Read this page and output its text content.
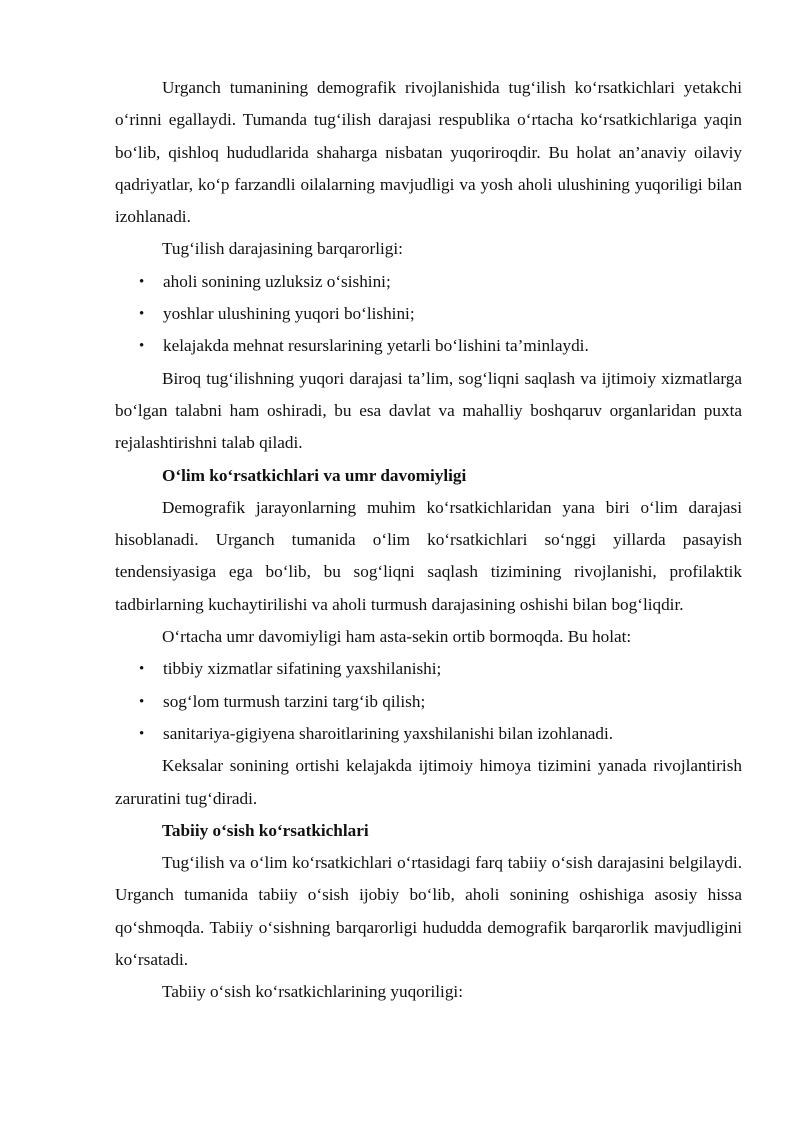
Urganch tumanining demografik rivojlanishida tug‘ilish ko‘rsatkichlari yetakchi o‘rinni egallaydi. Tumanda tug‘ilish darajasi respublika o‘rtacha ko‘rsatkichlariga yaqin bo‘lib, qishloq hududlarida shaharga nisbatan yuqoriroqdir. Bu holat an’anaviy oilaviy qadriyatlar, ko‘p farzandli oilalarning mavjudligi va yosh aholi ulushining yuqoriligi bilan izohlanadi.

Tug‘ilish darajasining barqarorligi:

• aholi sonining uzluksiz o‘sishini;
• yoshlar ulushining yuqori bo‘lishini;
• kelajakda mehnat resurslarining yetarli bo‘lishini ta’minlaydi.

Biroq tug‘ilishning yuqori darajasi ta’lim, sog‘liqni saqlash va ijtimoiy xizmatlarga bo‘lgan talabni ham oshiradi, bu esa davlat va mahalliy boshqaruv organlaridan puxta rejalashtirishni talab qiladi.

O‘lim ko‘rsatkichlari va umr davomiyligi

Demografik jarayonlarning muhim ko‘rsatkichlaridan yana biri o‘lim darajasi hisoblanadi. Urganch tumanida o‘lim ko‘rsatkichlari so‘nggi yillarda pasayish tendensiyasiga ega bo‘lib, bu sog‘liqni saqlash tizimining rivojlanishi, profilaktik tadbirlarning kuchaytirilishi va aholi turmush darajasining oshishi bilan bog‘liqdir.

O‘rtacha umr davomiyligi ham asta-sekin ortib bormoqda. Bu holat:

• tibbiy xizmatlar sifatining yaxshilanishi;
• sog‘lom turmush tarzini targ‘ib qilish;
• sanitariya-gigiyena sharoitlarining yaxshilanishi bilan izohlanadi.

Keksalar sonining ortishi kelajakda ijtimoiy himoya tizimini yanada rivojlantirish zaruratini tug‘diradi.

Tabiiy o‘sish ko‘rsatkichlari

Tug‘ilish va o‘lim ko‘rsatkichlari o‘rtasidagi farq tabiiy o‘sish darajasini belgilaydi. Urganch tumanida tabiiy o‘sish ijobiy bo‘lib, aholi sonining oshishiga asosiy hissa qo‘shmoqda. Tabiiy o‘sishning barqarorligi hududda demografik barqarorlik mavjudligini ko‘rsatadi.

Tabiiy o‘sish ko‘rsatkichlarining yuqoriligi:
